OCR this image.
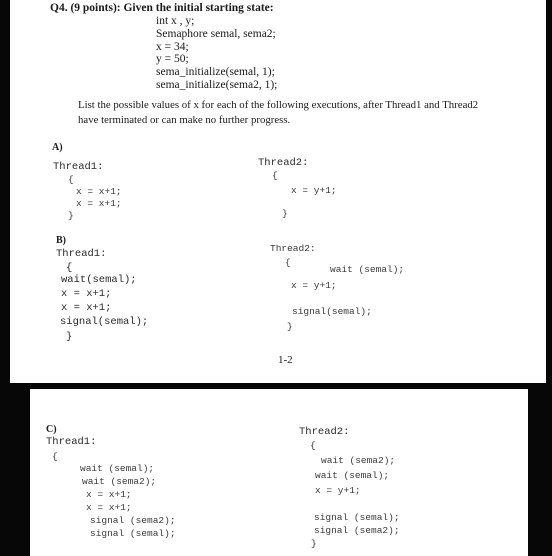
Q4. (9 points): Given the initial starting state:
int x , y;
Semaphore semal, sema2;
x = 34;
y = 50;
sema_initialize(semal, 1);
sema_initialize(sema2, 1);
List the possible values of x for each of the following executions, after Thread1 and Thread2
have terminated or can make no further progress.
A)
Thread1:
{
x = x+1;
x = x+1;
}
Thread2:
{
x = y+1;
}
B)
Thread1:
{
wait(semal);
x = x+1;
x = x+1;
signal(semal);
}
Thread2:
{
wait (semal);
x = y+1;
signal(semal);
}
1-2
C)
Thread1:
{
wait (semal);
wait (sema2);
x = x+1;
x = x+1;
signal (sema2);
signal (semal);
Thread2:
{
wait (sema2);
wait (semal);
x = y+1;
signal (semal);
signal (sema2);
}
